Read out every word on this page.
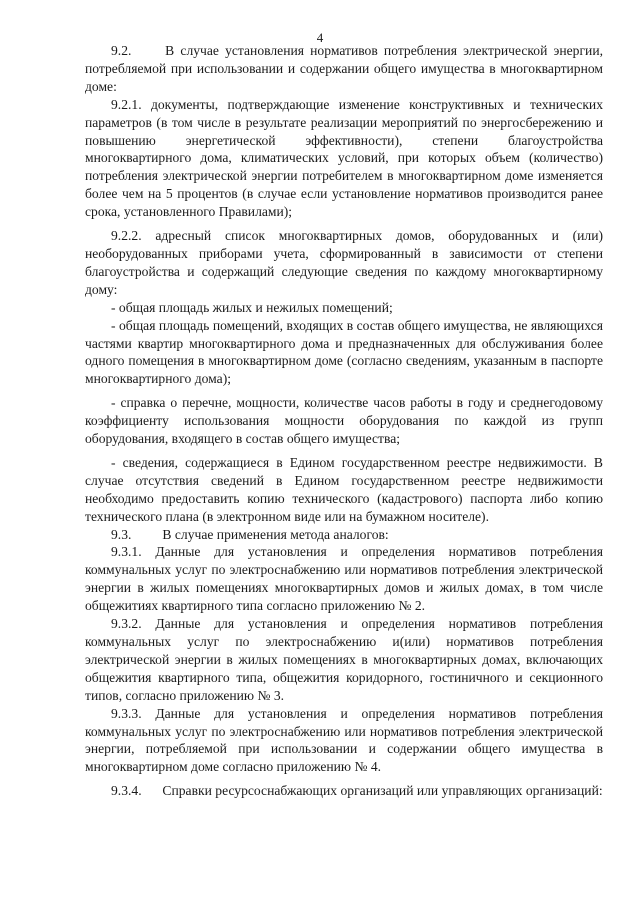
4

9.2. В случае установления нормативов потребления электрической энергии, потребляемой при использовании и содержании общего имущества в многоквартирном доме:

9.2.1. документы, подтверждающие изменение конструктивных и технических параметров (в том числе в результате реализации мероприятий по энергосбережению и повышению энергетической эффективности), степени благоустройства многоквартирного дома, климатических условий, при которых объем (количество) потребления электрической энергии потребителем в многоквартирном доме изменяется более чем на 5 процентов (в случае если установление нормативов производится ранее срока, установленного Правилами);

9.2.2. адресный список многоквартирных домов, оборудованных и (или) необорудованных приборами учета, сформированный в зависимости от степени благоустройства и содержащий следующие сведения по каждому многоквартирному дому:

- общая площадь жилых и нежилых помещений;

- общая площадь помещений, входящих в состав общего имущества, не являющихся частями квартир многоквартирного дома и предназначенных для обслуживания более одного помещения в многоквартирном доме (согласно сведениям, указанным в паспорте многоквартирного дома);

- справка о перечне, мощности, количестве часов работы в году и среднегодовому коэффициенту использования мощности оборудования по каждой из групп оборудования, входящего в состав общего имущества;

- сведения, содержащиеся в Едином государственном реестре недвижимости. В случае отсутствия сведений в Едином государственном реестре недвижимости необходимо предоставить копию технического (кадастрового) паспорта либо копию технического плана (в электронном виде или на бумажном носителе).

9.3. В случае применения метода аналогов:

9.3.1. Данные для установления и определения нормативов потребления коммунальных услуг по электроснабжению или нормативов потребления электрической энергии в жилых помещениях многоквартирных домов и жилых домах, в том числе общежитиях квартирного типа согласно приложению № 2.

9.3.2. Данные для установления и определения нормативов потребления коммунальных услуг по электроснабжению и(или) нормативов потребления электрической энергии в жилых помещениях в многоквартирных домах, включающих общежития квартирного типа, общежития коридорного, гостиничного и секционного типов, согласно приложению № 3.

9.3.3. Данные для установления и определения нормативов потребления коммунальных услуг по электроснабжению или нормативов потребления электрической энергии, потребляемой при использовании и содержании общего имущества в многоквартирном доме согласно приложению № 4.

9.3.4. Справки ресурсоснабжающих организаций или управляющих организаций:
